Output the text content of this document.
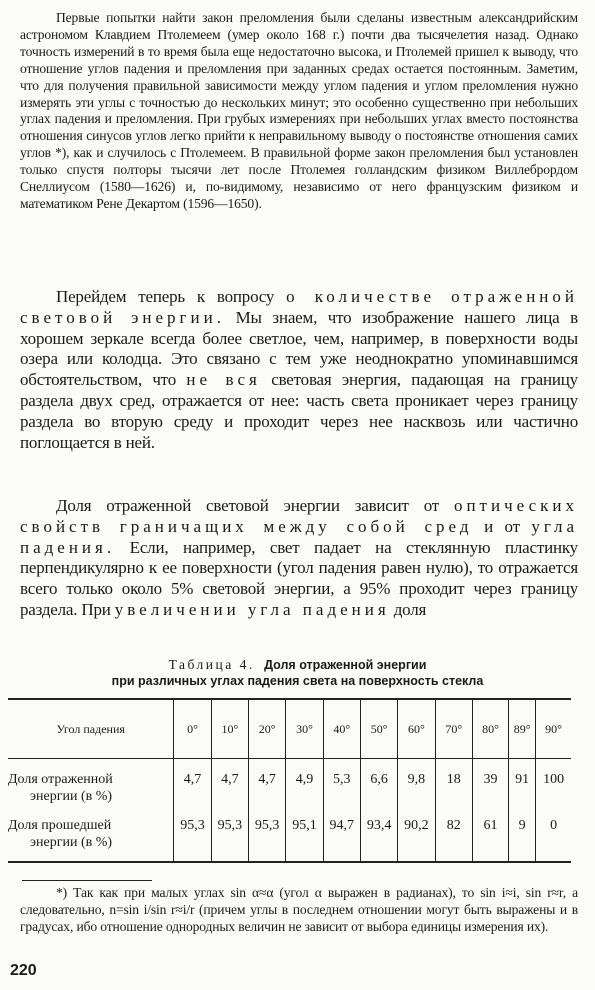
Первые попытки найти закон преломления были сделаны известным александрийским астрономом Клавдием Птолемеем (умер около 168 г.) почти два тысячелетия назад. Однако точность измерений в то время была еще недостаточно высока, и Птолемей пришел к выводу, что отношение углов падения и преломления при заданных средах остается постоянным. Заметим, что для получения правильной зависимости между углом падения и углом преломления нужно измерять эти углы с точностью до нескольких минут; это особенно существенно при небольших углах падения и преломления. При грубых измерениях при небольших углах вместо постоянства отношения синусов углов легко прийти к неправильному выводу о постоянстве отношения самих углов *), как и случилось с Птолемеем. В правильной форме закон преломления был установлен только спустя полторы тысячи лет после Птолемея голландским физиком Виллебрордом Снеллиусом (1580—1626) и, по-видимому, независимо от него французским физиком и математиком Рене Декартом (1596—1650).

Перейдем теперь к вопросу о количестве отраженной световой энергии. Мы знаем, что изображение нашего лица в хорошем зеркале всегда более светлое, чем, например, в поверхности воды озера или колодца. Это связано с тем уже неоднократно упоминавшимся обстоятельством, что не вся световая энергия, падающая на границу раздела двух сред, отражается от нее: часть света проникает через границу раздела во вторую среду и проходит через нее насквозь или частично поглощается в ней.

Доля отраженной световой энергии зависит от оптических свойств граничащих между собой сред и от угла падения. Если, например, свет падает на стеклянную пластинку перпендикулярно к ее поверхности (угол падения равен нулю), то отражается всего только около 5% световой энергии, а 95% проходит через границу раздела. При увеличении угла падения доля

Таблица 4. Доля отраженной энергии
при различных углах падения света на поверхность стекла

Угол падения	0°	10°	20°	30°	40°	50°	60°	70°	80°	89°	90°

Доля отраженной
энергии (в %)	4,7	4,7	4,7	4,9	5,3	6,6	9,8	18	39	91	100
Доля прошедшей
энергии (в %)	95,3	95,3	95,3	95,1	94,7	93,4	90,2	82	61	9	0

*) Так как при малых углах sin α≈α (угол α выражен в радианах), то sin i≈i, sin r≈r, а следовательно, n=sin i/sin r≈i/r (причем углы в последнем отношении могут быть выражены и в градусах, ибо отношение однородных величин не зависит от выбора единицы измерения их).

220
